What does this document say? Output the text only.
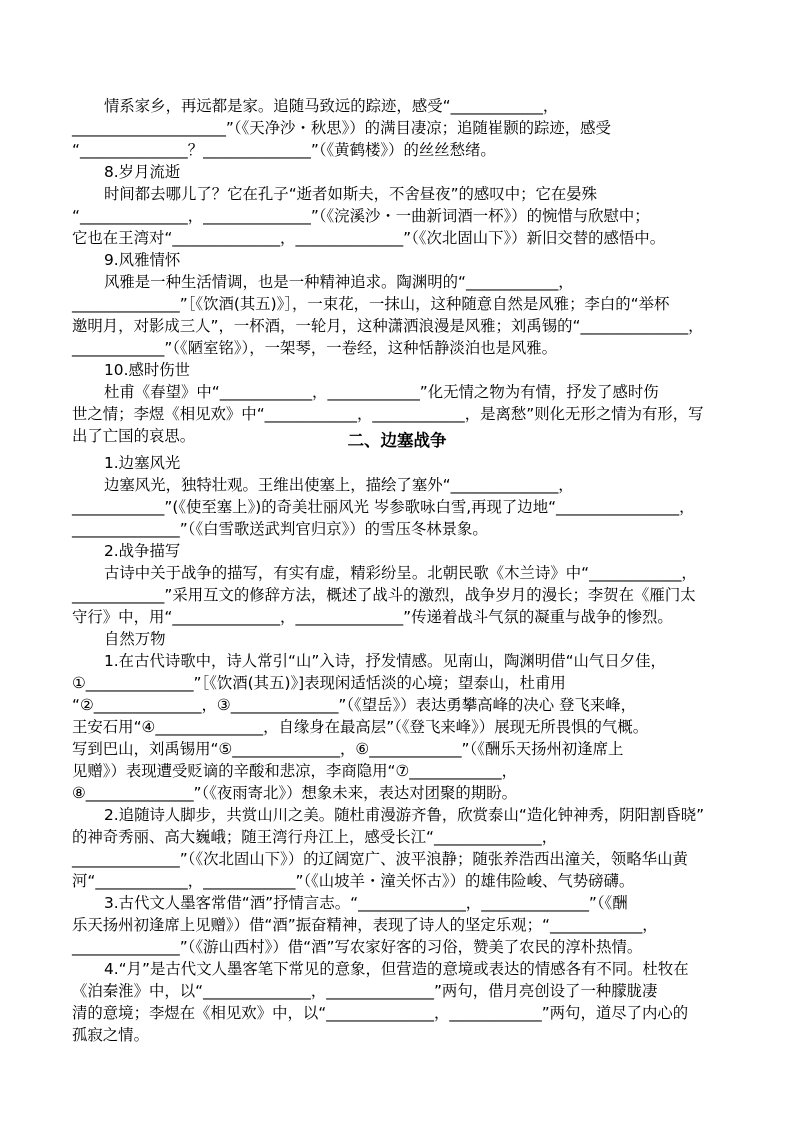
情系家乡，再远都是家。追随马致远的踪迹，感受“____________，
____________________”（《天净沙・秋思》）的满目凄凉；追随崔颢的踪迹，感受
“______________？______________”（《黄鹤楼》）的丝丝愁绪。
8.岁月流逝
时间都去哪儿了？它在孔子“逝者如斯夫，不舍昼夜”的感叹中；它在晏殊
“______________，______________”（《浣溪沙・一曲新词酒一杯》）的惋惜与欣慰中；
它也在王湾对“______________，______________”（《次北固山下》）新旧交替的感悟中。
9.风雅情怀
风雅是一种生活情调，也是一种精神追求。陶渊明的“____________，
______________”［《饮酒(其五)》］，一束花，一抹山，这种随意自然是风雅；李白的“举杯
邀明月，对影成三人”，一杯酒，一轮月，这种潇洒浪漫是风雅；刘禹锡的“______________，
____________”（《陋室铭》），一架琴，一卷经，这种恬静淡泊也是风雅。
10.感时伤世
杜甫《春望》中“____________，____________”化无情之物为有情，抒发了感时伤
世之情；李煜《相见欢》中“____________，____________，是离愁”则化无形之情为有形，写
出了亡国的哀思。	二、边塞战争
1.边塞风光
边塞风光，独特壮观。王维出使塞上，描绘了塞外“______________，
____________”(《使至塞上》)的奇美壮丽风光 岑参歌咏白雪,再现了边地“________________，
______________”（《白雪歌送武判官归京》）的雪压冬林景象。
2.战争描写
古诗中关于战争的描写，有实有虚，精彩纷呈。北朝民歌《木兰诗》中“____________，
____________”采用互文的修辞方法，概述了战斗的激烈，战争岁月的漫长；李贺在《雁门太
守行》中，用“______________，______________”传递着战斗气氛的凝重与战争的惨烈。
自然万物
1.在古代诗歌中，诗人常引“山”入诗，抒发情感。见南山，陶渊明借“山气日夕佳，
①______________”［《饮酒(其五)》]表现闲适恬淡的心境；望泰山，杜甫用
“②______________，③______________”（《望岳》）表达勇攀高峰的决心 登飞来峰，
王安石用“④______________，自缘身在最高层”（《登飞来峰》）展现无所畏惧的气概。
写到巴山，刘禹锡用“⑤______________，⑥____________”（《酬乐天扬州初逢席上
见赠》）表现遭受贬谪的辛酸和悲凉，李商隐用“⑦____________，
⑧______________”（《夜雨寄北》）想象未来，表达对团聚的期盼。
2.追随诗人脚步，共赏山川之美。随杜甫漫游齐鲁，欣赏泰山“造化钟神秀，阴阳割昏晓”
的神奇秀丽、高大巍峨；随王湾行舟江上，感受长江“______________，
______________”（《次北固山下》）的辽阔宽广、波平浪静；随张养浩西出潼关，领略华山黄
河“____________，____________”（《山坡羊・潼关怀古》）的雄伟险峻、气势磅礴。
3.古代文人墨客常借“酒”抒情言志。“______________，______________”（《酬
乐天扬州初逢席上见赠》）借“酒”振奋精神，表现了诗人的坚定乐观；“____________，
______________”（《游山西村》）借“酒”写农家好客的习俗，赞美了农民的淳朴热情。
4.“月”是古代文人墨客笔下常见的意象，但营造的意境或表达的情感各有不同。杜牧在
《泊秦淮》中，以“______________，______________”两句，借月亮创设了一种朦胧凄
清的意境；李煜在《相见欢》中，以“______________，____________”两句，道尽了内心的
孤寂之情。
